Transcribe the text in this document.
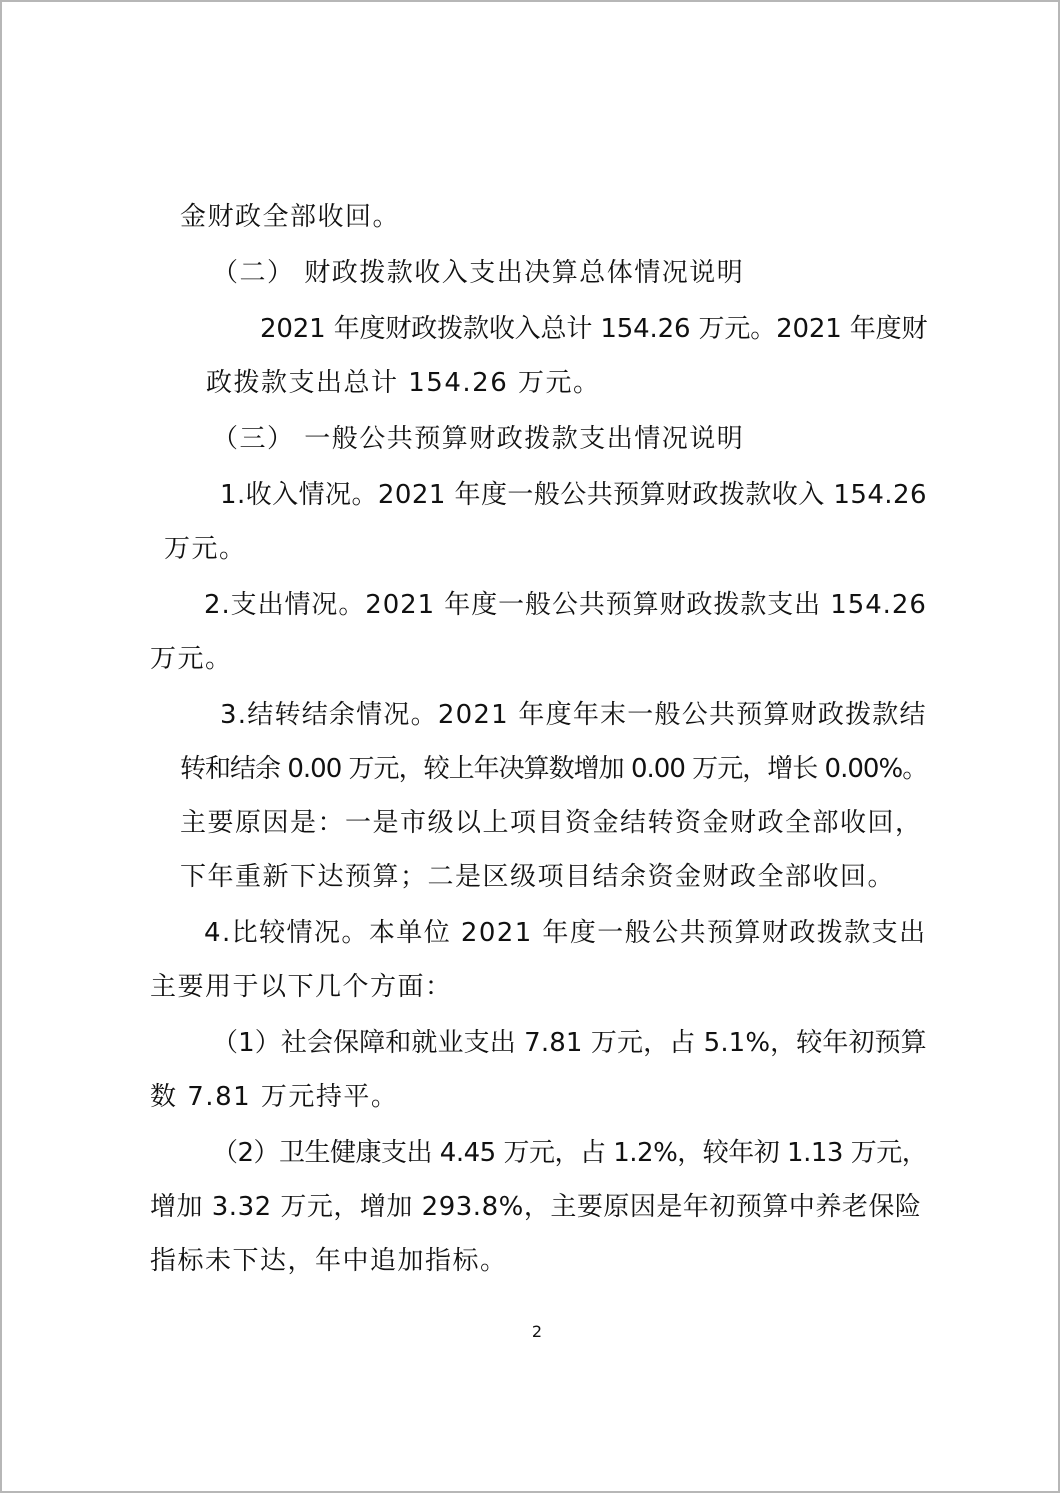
金财政全部收回。
（二） 财政拨款收入支出决算总体情况说明
2021 年度财政拨款收入总计 154.26 万元。2021 年度财
政拨款支出总计 154.26 万元。
（三） 一般公共预算财政拨款支出情况说明
1.收入情况。2021 年度一般公共预算财政拨款收入 154.26
万元。
2.支出情况。2021 年度一般公共预算财政拨款支出 154.26
万元。
3.结转结余情况。2021 年度年末一般公共预算财政拨款结
转和结余 0.00 万元，较上年决算数增加 0.00 万元，增长 0.00%。
主要原因是：一是市级以上项目资金结转资金财政全部收回，
下年重新下达预算；二是区级项目结余资金财政全部收回。
4.比较情况。本单位 2021 年度一般公共预算财政拨款支出
主要用于以下几个方面：
（1）社会保障和就业支出 7.81 万元，占 5.1%，较年初预算
数 7.81 万元持平。
（2）卫生健康支出 4.45 万元，占 1.2%，较年初 1.13 万元，
增加 3.32 万元，增加 293.8%，主要原因是年初预算中养老保险
指标未下达，年中追加指标。
2
